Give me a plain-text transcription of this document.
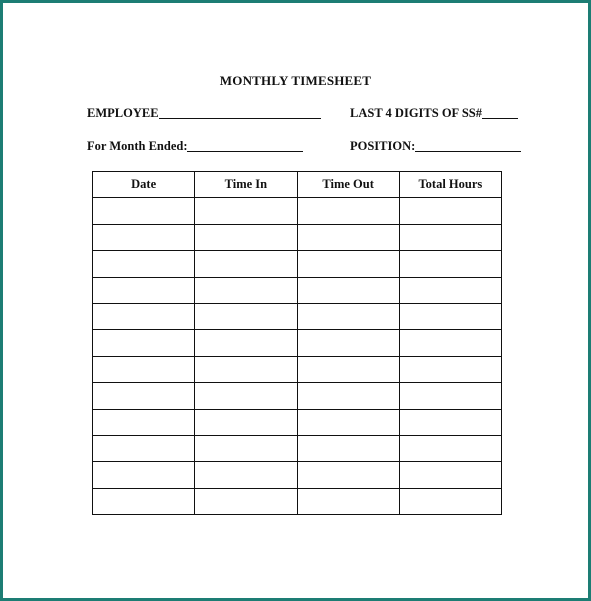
MONTHLY TIMESHEET
EMPLOYEE	LAST 4 DIGITS OF SS#
For Month Ended:	POSITION:
Date	Time In	Time Out	Total Hours
